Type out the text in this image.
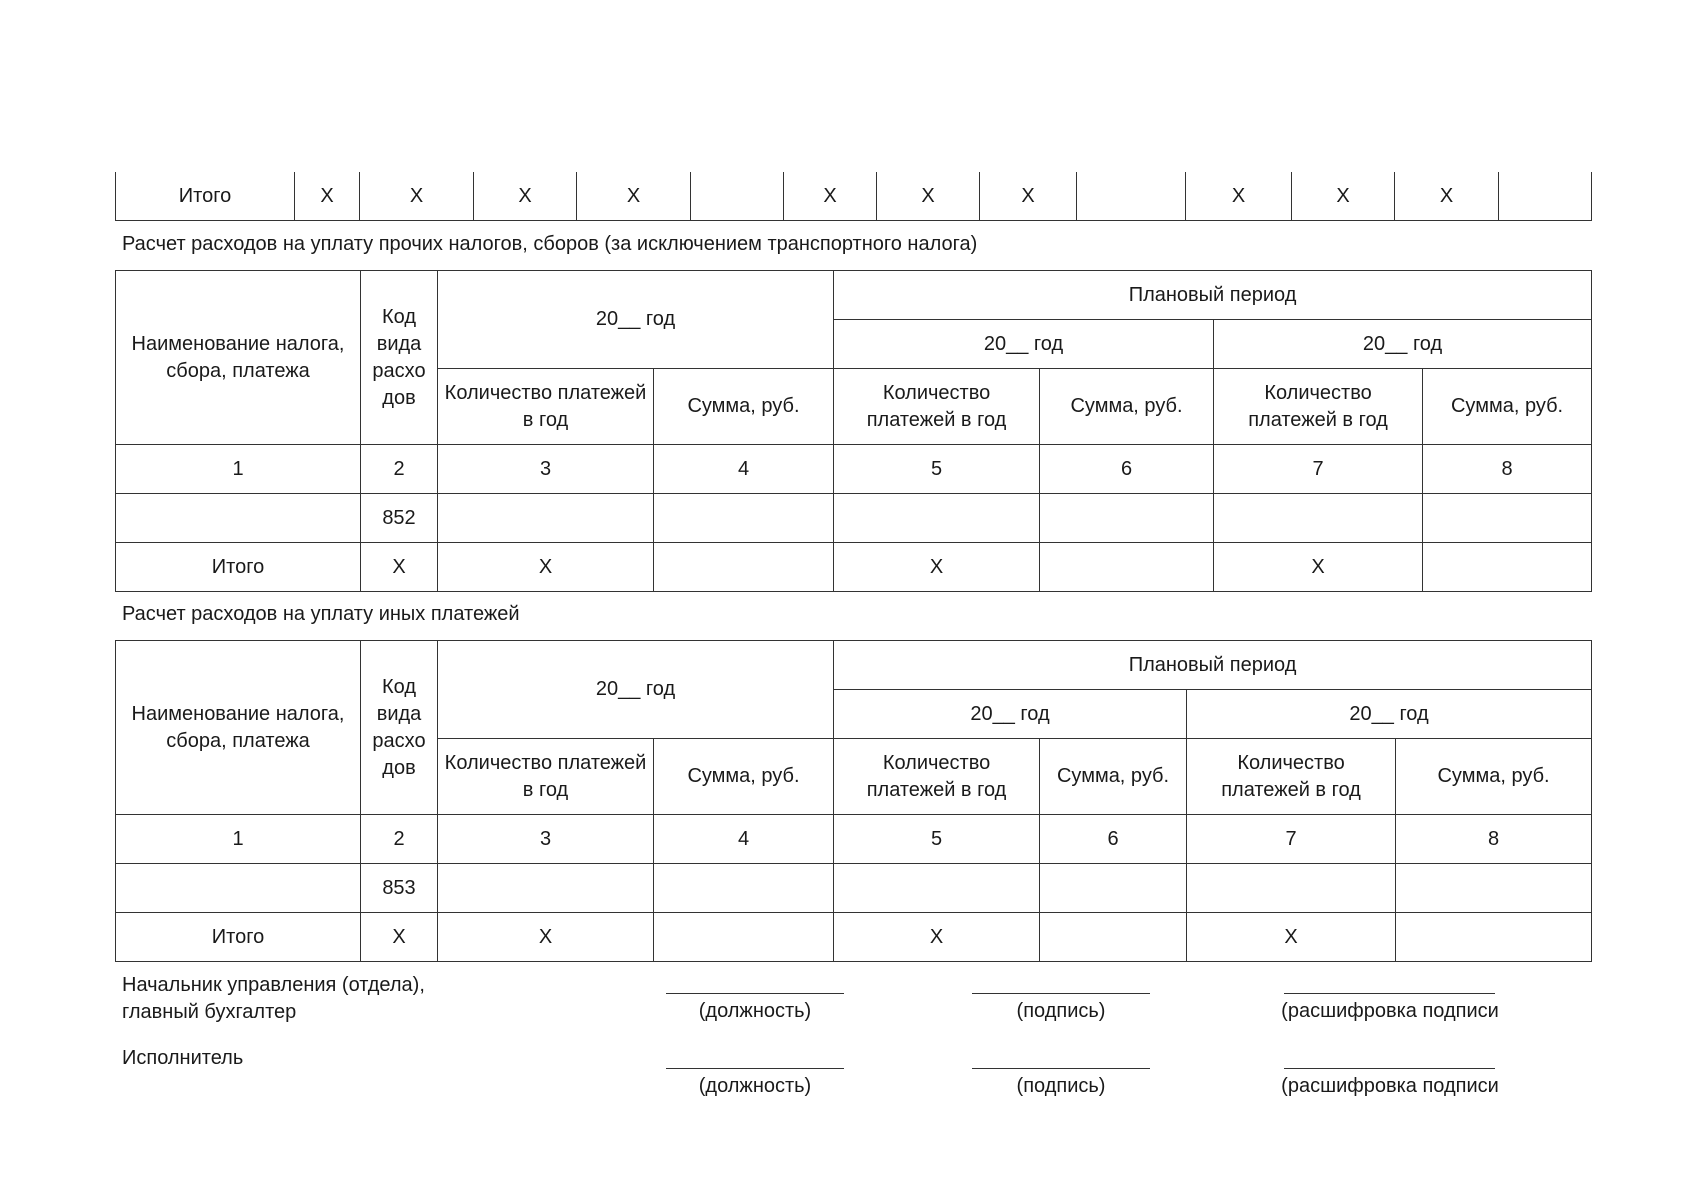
Итого	Х	Х	Х	Х		Х	Х	Х		Х	Х	Х	
Расчет расходов на уплату прочих налогов, сборов (за исключением транспортного налога)
Наименование налога, сбора, платежа	Код вида расхо дов	20__ год		Плановый период			
				20__ год		20__ год	
		Количество платежей в год	Сумма, руб.	Количество платежей в год	Сумма, руб.	Количество платежей в год	Сумма, руб.
1	2	3	4	5	6	7	8
	852						
Итого	Х	Х		Х		Х	
Расчет расходов на уплату иных платежей
Наименование налога, сбора, платежа	Код вида расхо дов	20__ год		Плановый период			
				20__ год		20__ год	
		Количество платежей в год	Сумма, руб.	Количество платежей в год	Сумма, руб.	Количество платежей в год	Сумма, руб.
1	2	3	4	5	6	7	8
	853						
Итого	Х	Х		Х		Х	
Начальник управления (отдела),
главный бухгалтер	(должность)	(подпись)	(расшифровка подписи
Исполнитель
(должность)	(подпись)	(расшифровка подписи
